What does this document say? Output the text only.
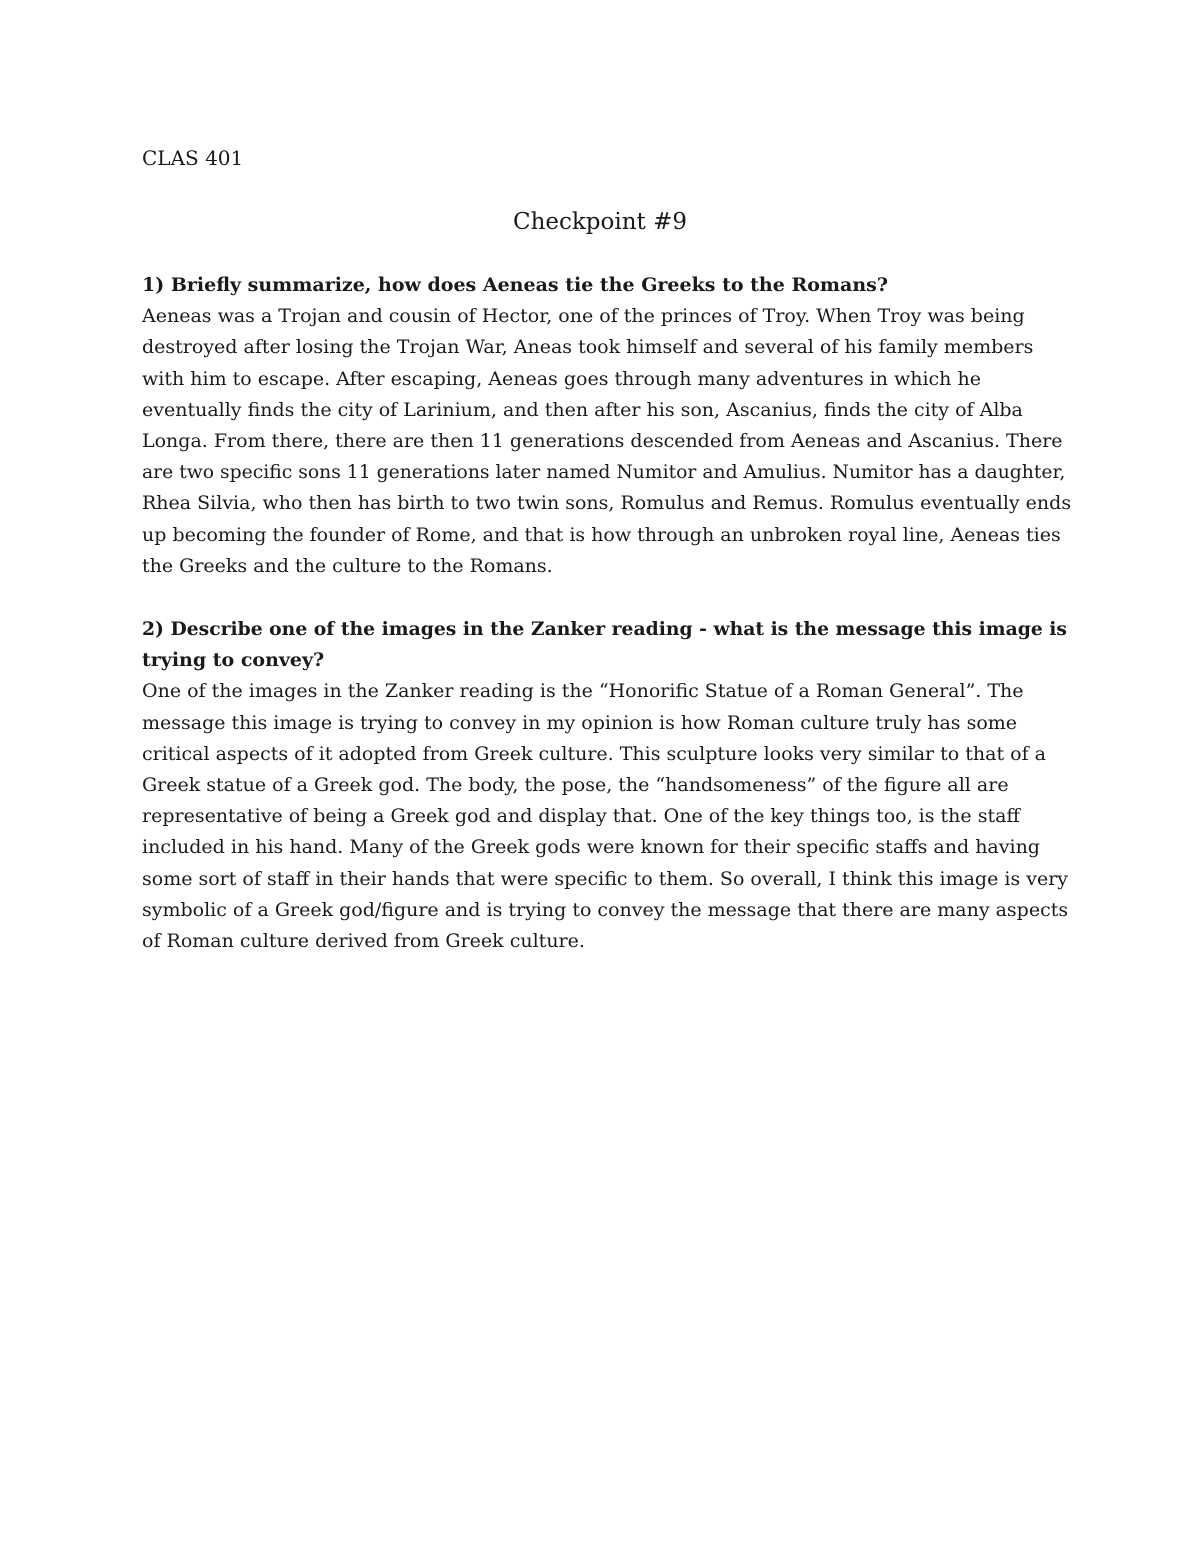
CLAS 401

Checkpoint #9

1) Briefly summarize, how does Aeneas tie the Greeks to the Romans?

Aeneas was a Trojan and cousin of Hector, one of the princes of Troy. When Troy was being
destroyed after losing the Trojan War, Aneas took himself and several of his family members
with him to escape. After escaping, Aeneas goes through many adventures in which he
eventually finds the city of Larinium, and then after his son, Ascanius, finds the city of Alba
Longa. From there, there are then 11 generations descended from Aeneas and Ascanius. There
are two specific sons 11 generations later named Numitor and Amulius. Numitor has a daughter,
Rhea Silvia, who then has birth to two twin sons, Romulus and Remus. Romulus eventually ends
up becoming the founder of Rome, and that is how through an unbroken royal line, Aeneas ties
the Greeks and the culture to the Romans.

2) Describe one of the images in the Zanker reading - what is the message this image is
trying to convey?

One of the images in the Zanker reading is the “Honorific Statue of a Roman General”. The
message this image is trying to convey in my opinion is how Roman culture truly has some
critical aspects of it adopted from Greek culture. This sculpture looks very similar to that of a
Greek statue of a Greek god. The body, the pose, the “handsomeness” of the figure all are
representative of being a Greek god and display that. One of the key things too, is the staff
included in his hand. Many of the Greek gods were known for their specific staffs and having
some sort of staff in their hands that were specific to them. So overall, I think this image is very
symbolic of a Greek god/figure and is trying to convey the message that there are many aspects
of Roman culture derived from Greek culture.
